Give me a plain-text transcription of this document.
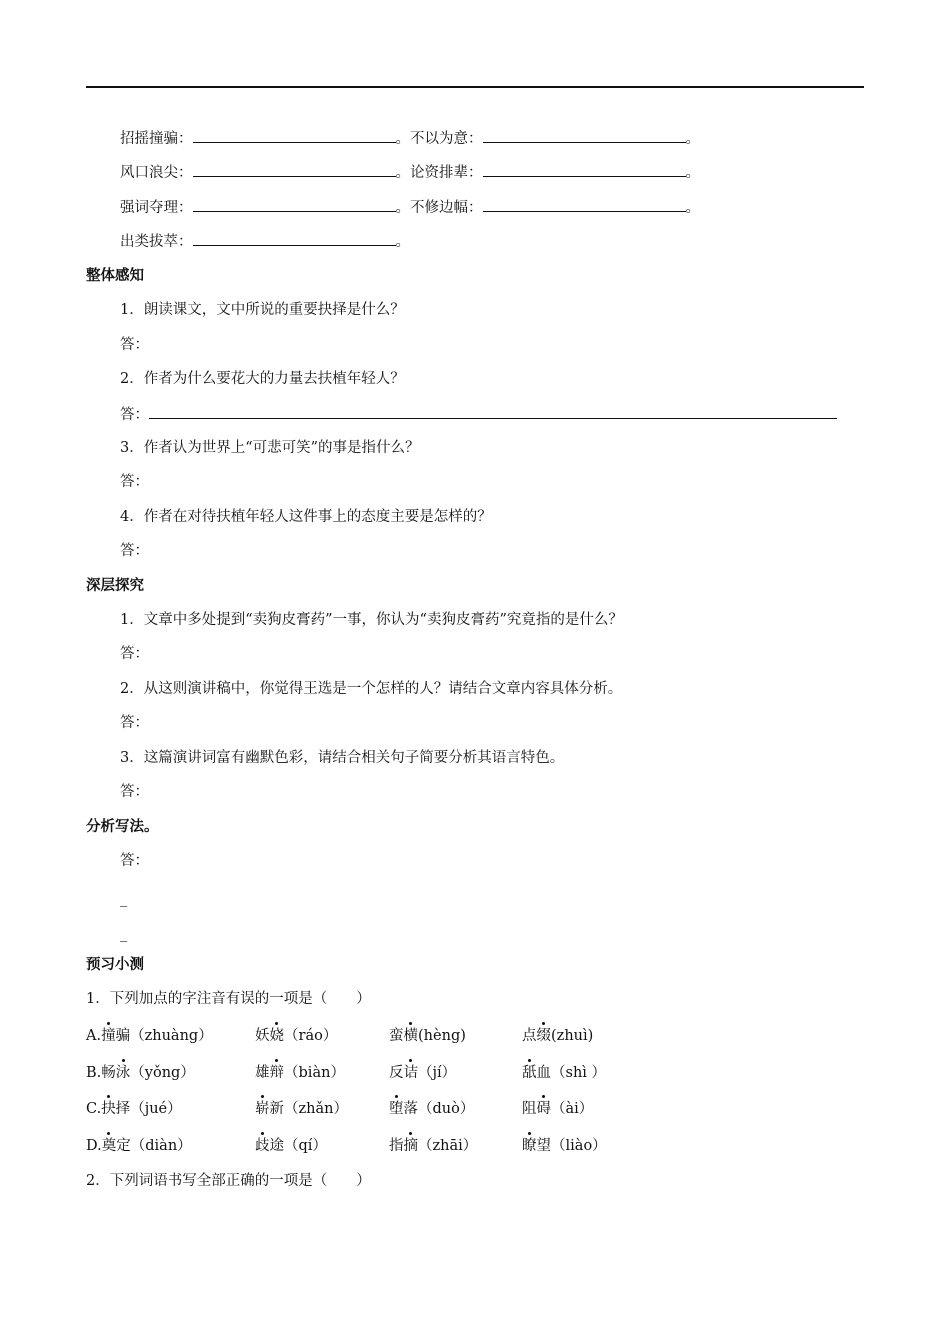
招摇撞骗：	。不以为意：	。
风口浪尖：	。论资排辈：	。
强词夺理：	。不修边幅：	。
出类拔萃：	。
整体感知
1．朗读课文，文中所说的重要抉择是什么？
答：
2．作者为什么要花大的力量去扶植年轻人？
答：
3．作者认为世界上“可悲可笑”的事是指什么？
答：
4．作者在对待扶植年轻人这件事上的态度主要是怎样的？
答：
深层探究
1．文章中多处提到“卖狗皮膏药”一事，你认为“卖狗皮膏药”究竟指的是什么？
答：
2．从这则演讲稿中，你觉得王选是一个怎样的人？请结合文章内容具体分析。
答：
3．这篇演讲词富有幽默色彩，请结合相关句子简要分析其语言特色。
答：
分析写法。
答：
_
_
预习小测
1．下列加点的字注音有误的一项是（　　）
A.撞骗（zhuàng）	妖娆（ráo）	蛮横(hèng)	点缀(zhuì)
B.畅泳（yǒng）	雄辩（biàn）	反诘（jí）	舐血（shì ）
C.抉择（jué）	崭新（zhǎn）	堕落（duò）	阻碍（ài）
D.奠定（diàn）	歧途（qí）	指摘（zhāi）	瞭望（liào）
2．下列词语书写全部正确的一项是（　　）
